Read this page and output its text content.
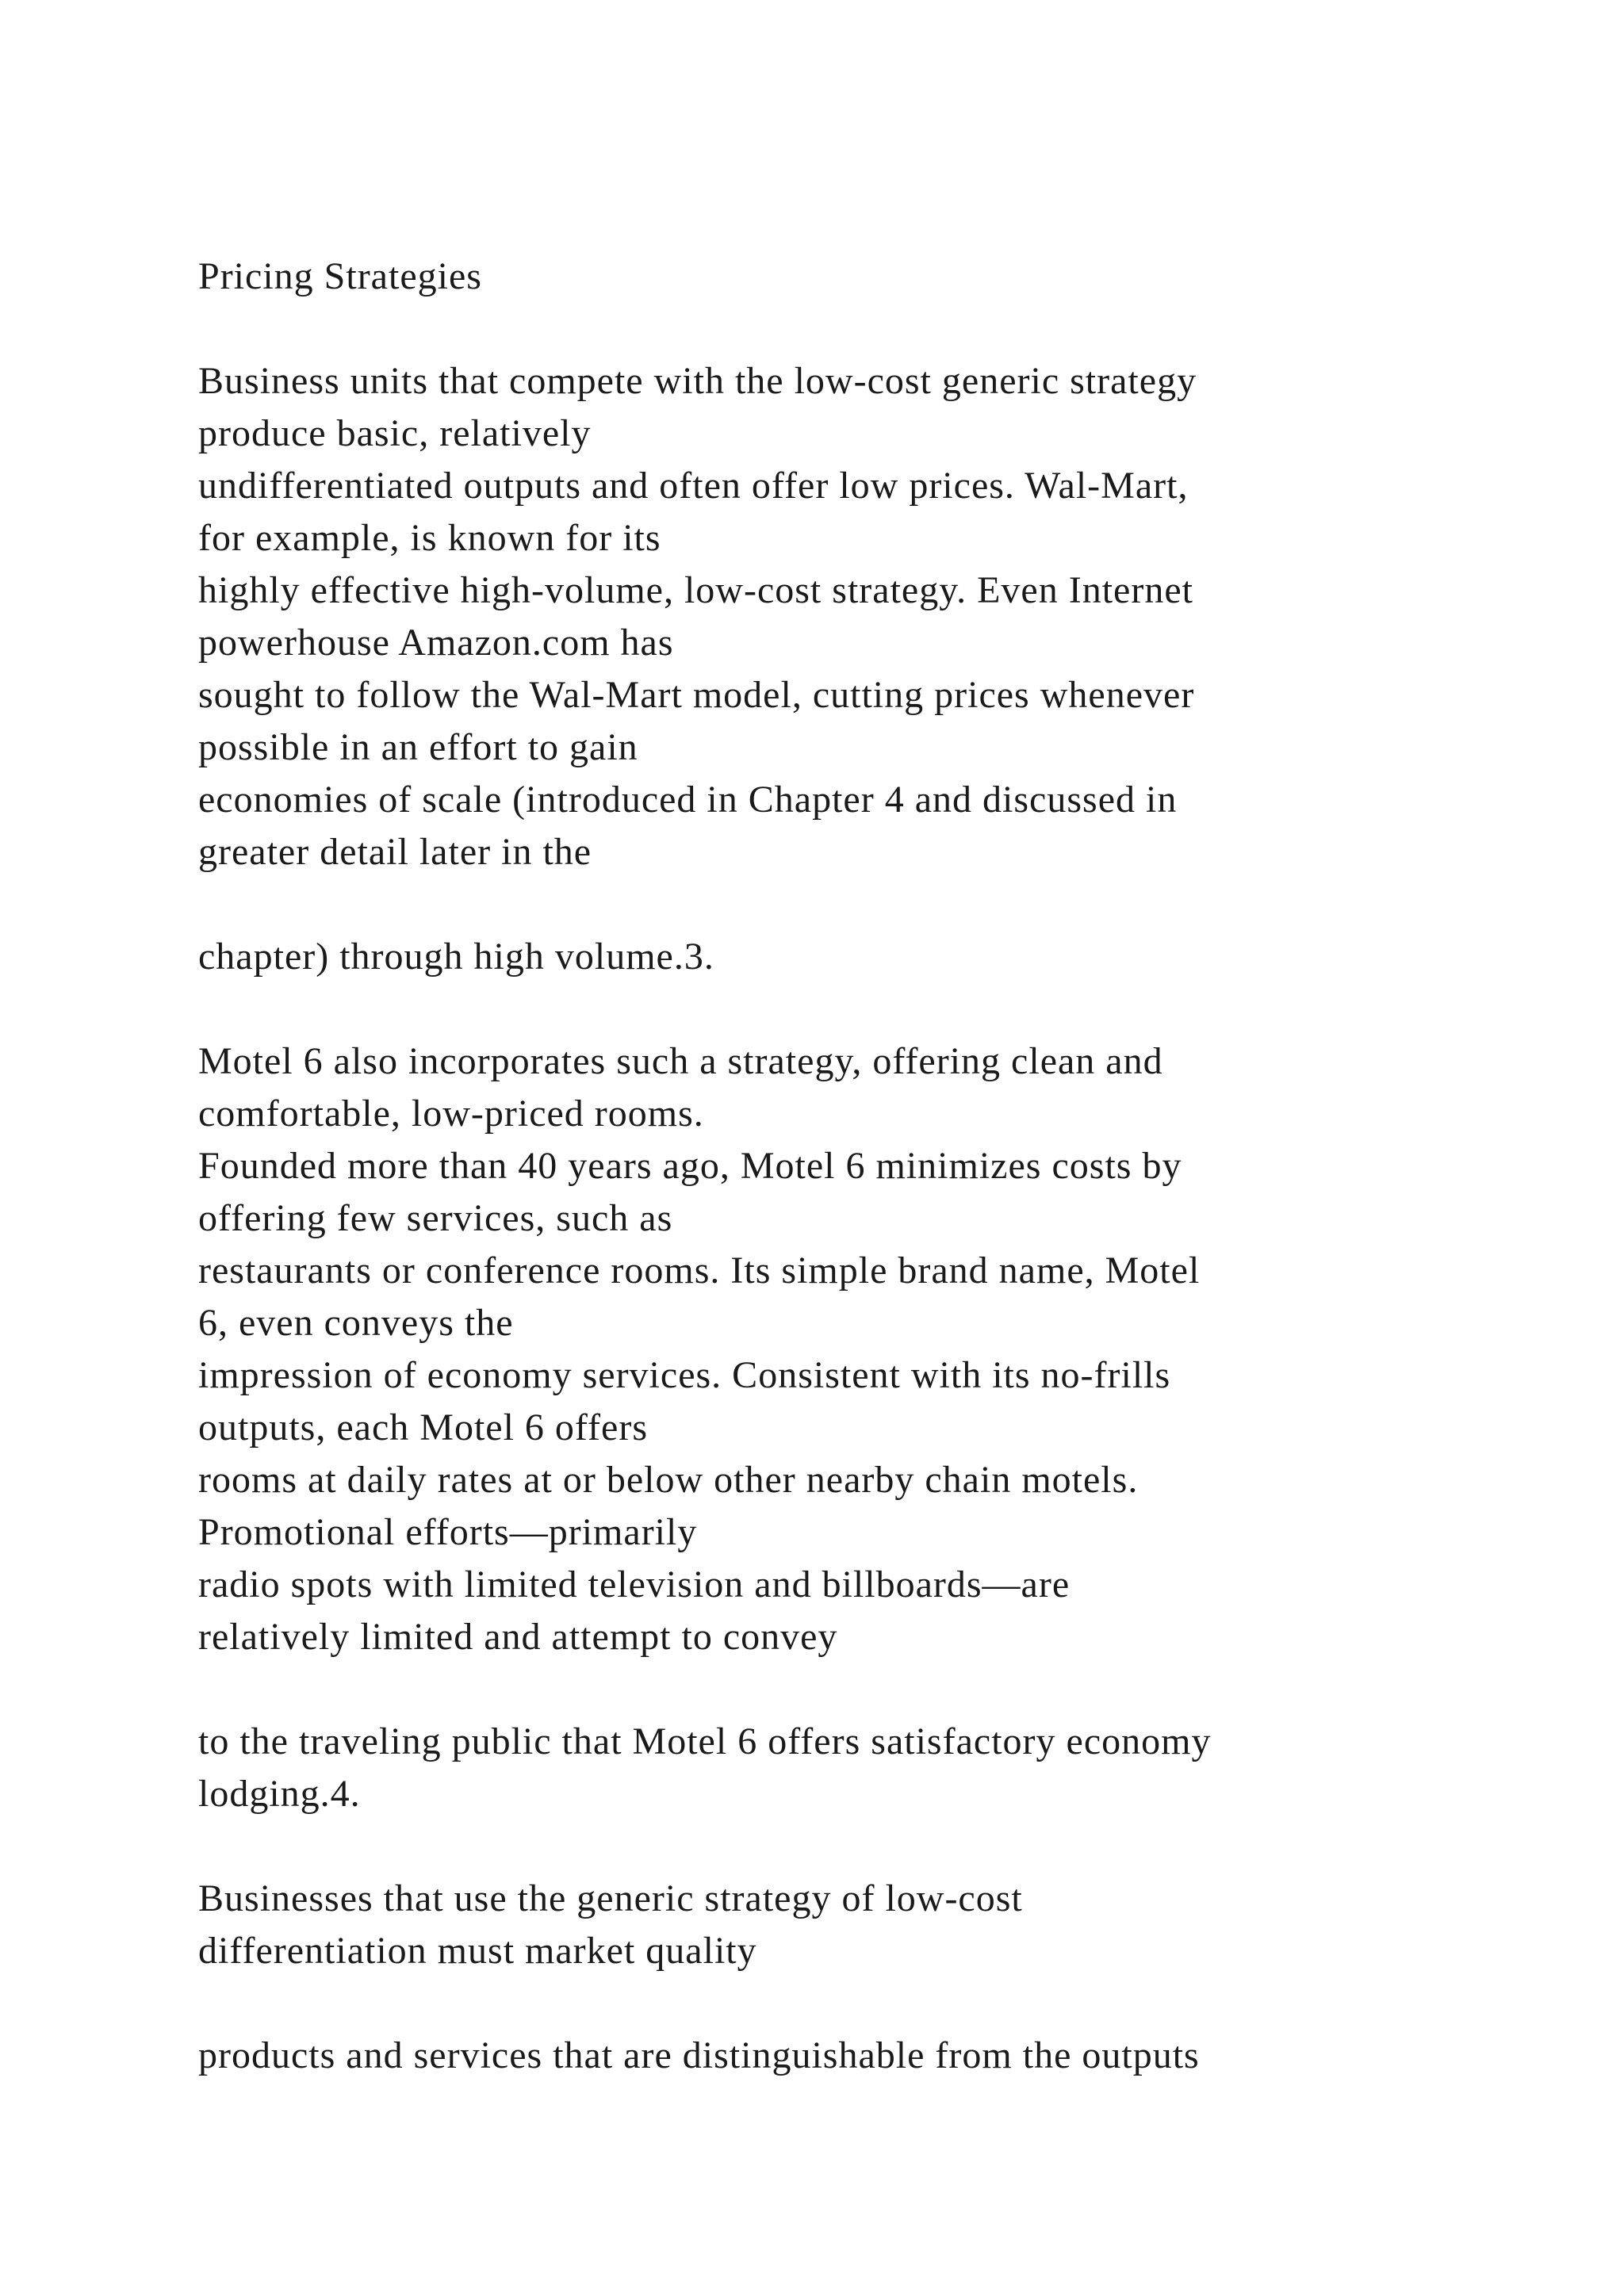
Pricing Strategies
Business units that compete with the low-cost generic strategy
produce basic, relatively
undifferentiated outputs and often offer low prices. Wal-Mart,
for example, is known for its
highly effective high-volume, low-cost strategy. Even Internet
powerhouse Amazon.com has
sought to follow the Wal-Mart model, cutting prices whenever
possible in an effort to gain
economies of scale (introduced in Chapter 4 and discussed in
greater detail later in the
chapter) through high volume.3.
Motel 6 also incorporates such a strategy, offering clean and
comfortable, low-priced rooms.
Founded more than 40 years ago, Motel 6 minimizes costs by
offering few services, such as
restaurants or conference rooms. Its simple brand name, Motel
6, even conveys the
impression of economy services. Consistent with its no-frills
outputs, each Motel 6 offers
rooms at daily rates at or below other nearby chain motels.
Promotional efforts—primarily
radio spots with limited television and billboards—are
relatively limited and attempt to convey
to the traveling public that Motel 6 offers satisfactory economy
lodging.4.
Businesses that use the generic strategy of low-cost
differentiation must market quality
products and services that are distinguishable from the outputs
